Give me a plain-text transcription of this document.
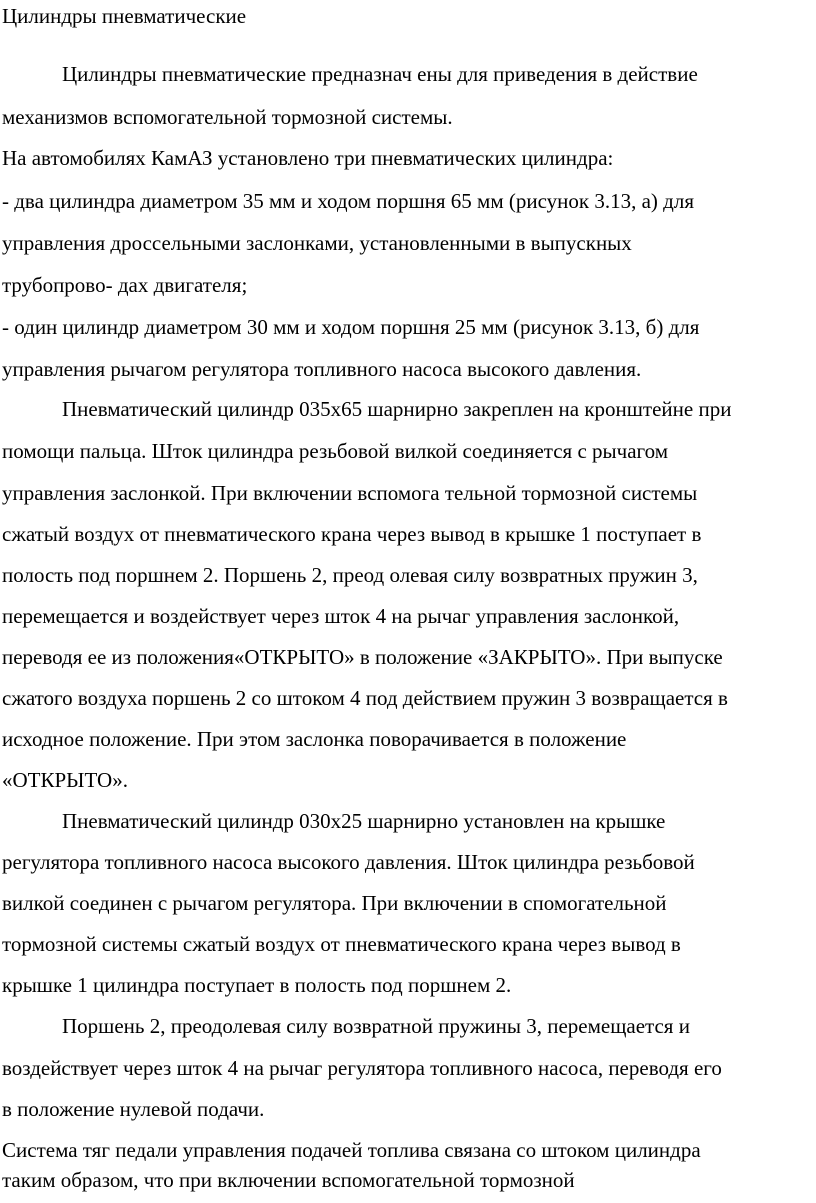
Цилиндры пневматические
Цилиндры пневматические предназнач ены для приведения в действие
механизмов вспомогательной тормозной системы.
На автомобилях КамАЗ установлено три пневматических цилиндра:
- два цилиндра диаметром 35 мм и ходом поршня 65 мм (рисунок 3.13, а) для
управления дроссельными заслонками, установленными в выпускных
трубопрово- дах двигателя;
- один цилиндр диаметром 30 мм и ходом поршня 25 мм (рисунок 3.13, б) для
управления рычагом регулятора топливного насоса высокого давления.
Пневматический цилиндр 035х65 шарнирно закреплен на кронштейне при
помощи пальца. Шток цилиндра резьбовой вилкой соединяется с рычагом
управления заслонкой. При включении вспомога тельной тормозной системы
сжатый воздух от пневматического крана через вывод в крышке 1 поступает в
полость под поршнем 2. Поршень 2, преод олевая силу возвратных пружин 3,
перемещается и воздействует через шток 4 на рычаг управления заслонкой,
переводя ее из положения«ОТКРЫТО» в положение «ЗАКРЫТО». При выпуске
сжатого воздуха поршень 2 со штоком 4 под действием пружин 3 возвращается в
исходное положение. При этом заслонка поворачивается в положение
«ОТКРЫТО».
Пневматический цилиндр 030х25 шарнирно установлен на крышке
регулятора топливного насоса высокого давления. Шток цилиндра резьбовой
вилкой соединен с рычагом регулятора. При включении в спомогательной
тормозной системы сжатый воздух от пневматического крана через вывод в
крышке 1 цилиндра поступает в полость под поршнем 2.
Поршень 2, преодолевая силу возвратной пружины 3, перемещается и
воздействует через шток 4 на рычаг регулятора топливного насоса, переводя его
в положение нулевой подачи.
Система тяг педали управления подачей топлива связана со штоком цилиндра
таким образом, что при включении вспомогательной тормозной
